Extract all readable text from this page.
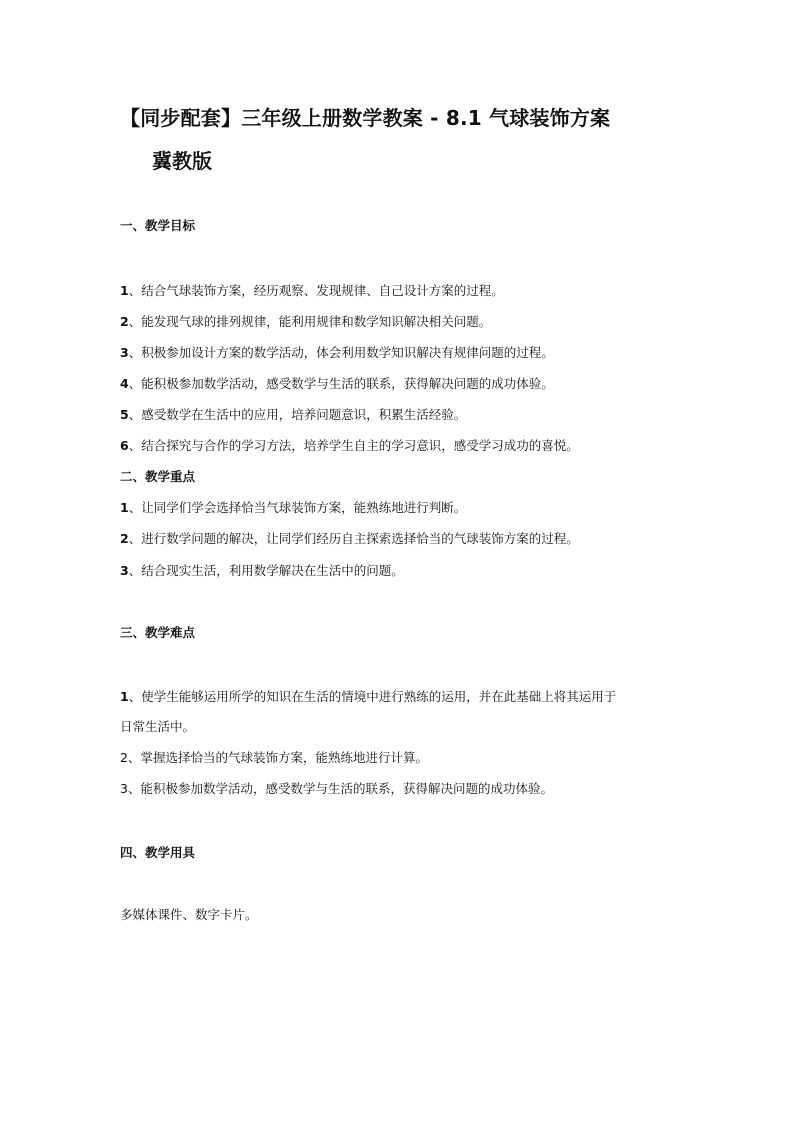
【同步配套】三年级上册数学教案 - 8.1 气球装饰方案
冀教版
一、教学目标
1、结合气球装饰方案，经历观察、发现规律、自己设计方案的过程。
2、能发现气球的排列规律，能利用规律和数学知识解决相关问题。
3、积极参加设计方案的数学活动，体会利用数学知识解决有规律问题的过程。
4、能积极参加数学活动，感受数学与生活的联系，获得解决问题的成功体验。
5、感受数学在生活中的应用，培养问题意识，积累生活经验。
6、结合探究与合作的学习方法，培养学生自主的学习意识，感受学习成功的喜悦。
二、教学重点
1、让同学们学会选择恰当气球装饰方案，能熟练地进行判断。
2、进行数学问题的解决，让同学们经历自主探索选择恰当的气球装饰方案的过程。
3、结合现实生活，利用数学解决在生活中的问题。
三、教学难点
1、使学生能够运用所学的知识在生活的情境中进行熟练的运用，并在此基础上将其运用于
日常生活中。
2、掌握选择恰当的气球装饰方案，能熟练地进行计算。
3、能积极参加数学活动，感受数学与生活的联系，获得解决问题的成功体验。
四、教学用具
多媒体课件、数字卡片。
